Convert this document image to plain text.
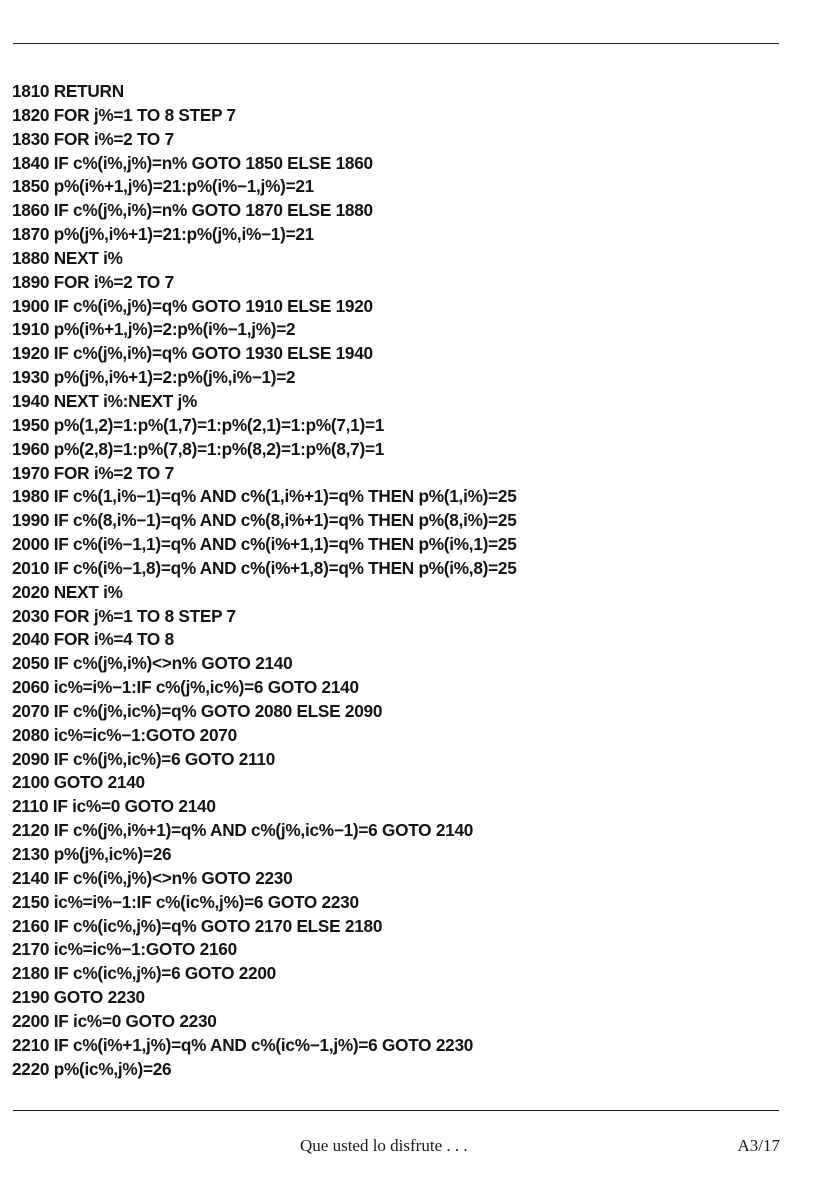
1810 RETURN
1820 FOR j%=1 TO 8 STEP 7
1830 FOR i%=2 TO 7
1840 IF c%(i%,j%)=n% GOTO 1850 ELSE 1860
1850 p%(i%+1,j%)=21:p%(i%−1,j%)=21
1860 IF c%(j%,i%)=n% GOTO 1870 ELSE 1880
1870 p%(j%,i%+1)=21:p%(j%,i%−1)=21
1880 NEXT i%
1890 FOR i%=2 TO 7
1900 IF c%(i%,j%)=q% GOTO 1910 ELSE 1920
1910 p%(i%+1,j%)=2:p%(i%−1,j%)=2
1920 IF c%(j%,i%)=q% GOTO 1930 ELSE 1940
1930 p%(j%,i%+1)=2:p%(j%,i%−1)=2
1940 NEXT i%:NEXT j%
1950 p%(1,2)=1:p%(1,7)=1:p%(2,1)=1:p%(7,1)=1
1960 p%(2,8)=1:p%(7,8)=1:p%(8,2)=1:p%(8,7)=1
1970 FOR i%=2 TO 7
1980 IF c%(1,i%−1)=q% AND c%(1,i%+1)=q% THEN p%(1,i%)=25
1990 IF c%(8,i%−1)=q% AND c%(8,i%+1)=q% THEN p%(8,i%)=25
2000 IF c%(i%−1,1)=q% AND c%(i%+1,1)=q% THEN p%(i%,1)=25
2010 IF c%(i%−1,8)=q% AND c%(i%+1,8)=q% THEN p%(i%,8)=25
2020 NEXT i%
2030 FOR j%=1 TO 8 STEP 7
2040 FOR i%=4 TO 8
2050 IF c%(j%,i%)<>n% GOTO 2140
2060 ic%=i%−1:IF c%(j%,ic%)=6 GOTO 2140
2070 IF c%(j%,ic%)=q% GOTO 2080 ELSE 2090
2080 ic%=ic%−1:GOTO 2070
2090 IF c%(j%,ic%)=6 GOTO 2110
2100 GOTO 2140
2110 IF ic%=0 GOTO 2140
2120 IF c%(j%,i%+1)=q% AND c%(j%,ic%−1)=6 GOTO 2140
2130 p%(j%,ic%)=26
2140 IF c%(i%,j%)<>n% GOTO 2230
2150 ic%=i%−1:IF c%(ic%,j%)=6 GOTO 2230
2160 IF c%(ic%,j%)=q% GOTO 2170 ELSE 2180
2170 ic%=ic%−1:GOTO 2160
2180 IF c%(ic%,j%)=6 GOTO 2200
2190 GOTO 2230
2200 IF ic%=0 GOTO 2230
2210 IF c%(i%+1,j%)=q% AND c%(ic%−1,j%)=6 GOTO 2230
2220 p%(ic%,j%)=26
Que usted lo disfrute . . .	A3/17
